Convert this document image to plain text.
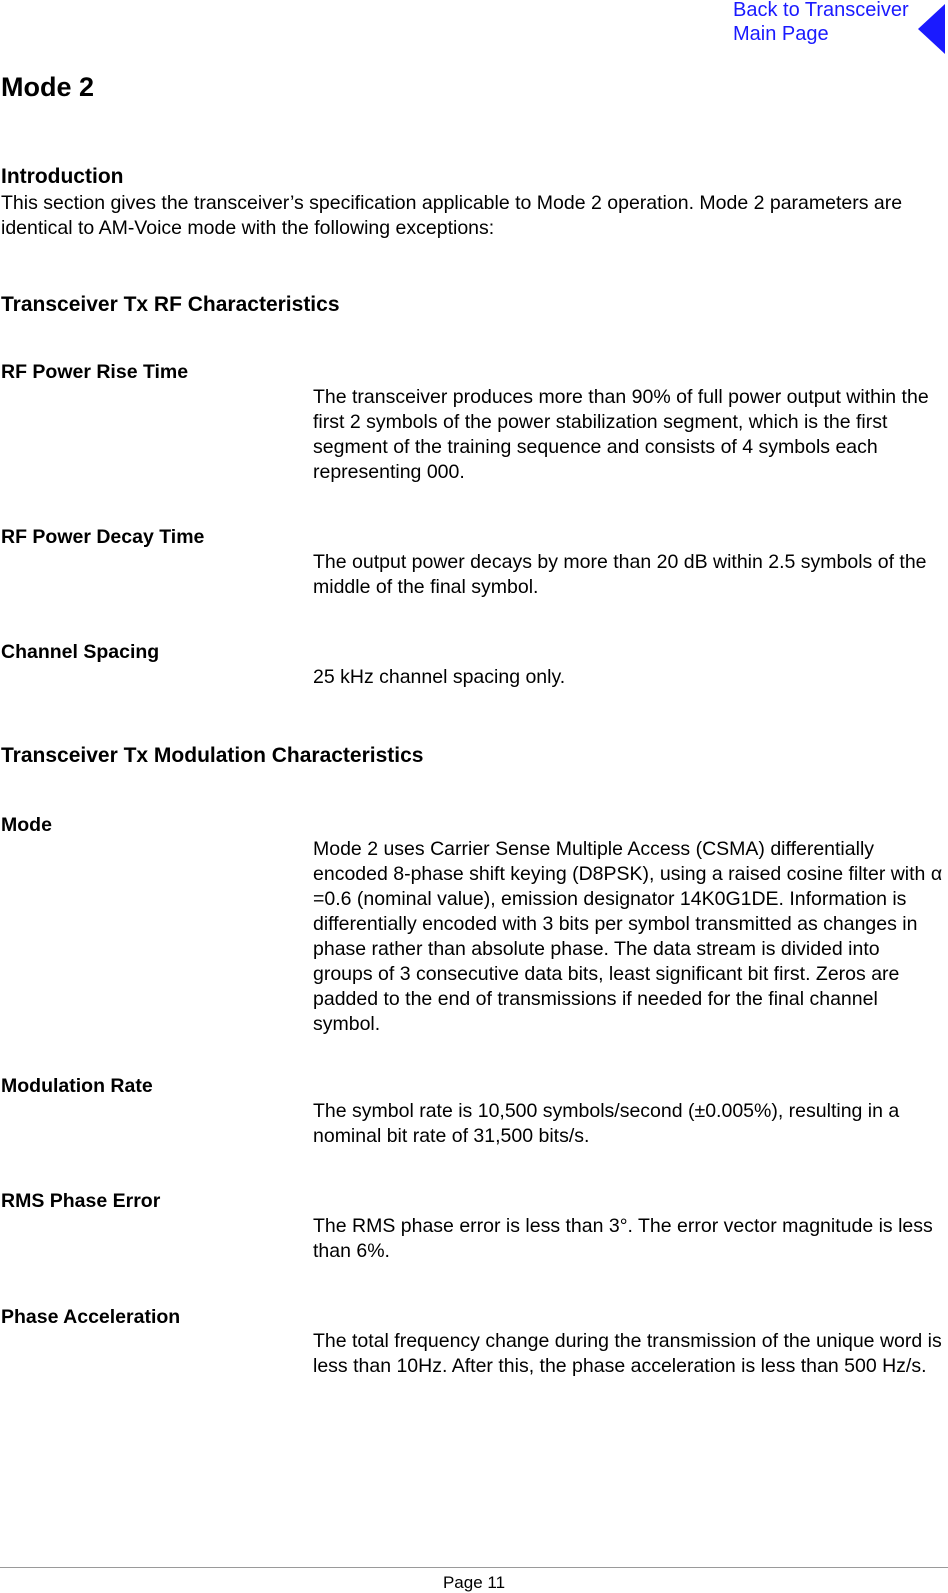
Back to Transceiver
Main Page
Mode 2
Introduction

This section gives the transceiver’s specification applicable to Mode 2 operation. Mode 2 parameters are identical to AM-Voice mode with the following exceptions:

Transceiver Tx RF Characteristics
RF Power Rise Time

The transceiver produces more than 90% of full power output within the first 2 symbols of the power stabilization segment, which is the first segment of the training sequence and consists of 4 symbols each representing 000.

RF Power Decay Time

The output power decays by more than 20 dB within 2.5 symbols of the middle of the final symbol.

Channel Spacing

25 kHz channel spacing only.

Transceiver Tx Modulation Characteristics
Mode

Mode 2 uses Carrier Sense Multiple Access (CSMA) differentially encoded 8-phase shift keying (D8PSK), using a raised cosine filter with α =0.6 (nominal value), emission designator 14K0G1DE. Information is differentially encoded with 3 bits per symbol transmitted as changes in phase rather than absolute phase. The data stream is divided into groups of 3 consecutive data bits, least significant bit first. Zeros are padded to the end of transmissions if needed for the final channel symbol.

Modulation Rate

The symbol rate is 10,500 symbols/second (±0.005%), resulting in a nominal bit rate of 31,500 bits/s.

RMS Phase Error

The RMS phase error is less than 3°. The error vector magnitude is less than 6%.

Phase Acceleration

The total frequency change during the transmission of the unique word is less than 10Hz. After this, the phase acceleration is less than 500 Hz/s.

Page 11
